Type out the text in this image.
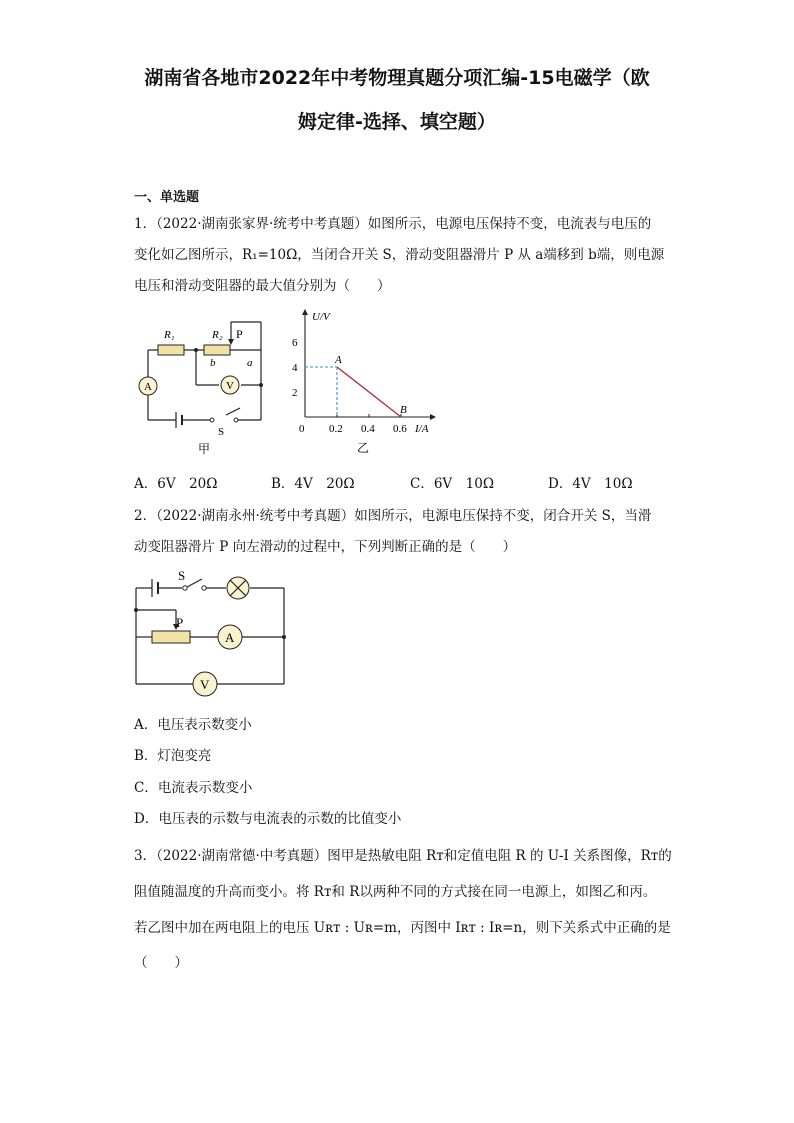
湖南省各地市2022年中考物理真题分项汇编-15电磁学（欧
姆定律-选择、填空题）
一、单选题
1．（2022·湖南张家界·统考中考真题）如图所示，电源电压保持不变，电流表与电压的
变化如乙图所示，R₁=10Ω，当闭合开关 S，滑动变阻器滑片 P 从 a端移到 b端，则电源
电压和滑动变阻器的最大值分别为（　　）
A	V
R₁	R₂ P
b	a
S
甲
2
4
6
0.2 0.4 0.6
A
B
U/V
I/A
0
乙
A．6V　20Ω	B．4V　20Ω	C．6V　10Ω	D．4V　10Ω
2．（2022·湖南永州·统考中考真题）如图所示，电源电压保持不变，闭合开关 S，当滑
动变阻器滑片 P 向左滑动的过程中，下列判断正确的是（　　）
A
V
S
P
A．电压表示数变小
B．灯泡变亮
C．电流表示数变小
D．电压表的示数与电流表的示数的比值变小
3．（2022·湖南常德·中考真题）图甲是热敏电阻 Rᴛ和定值电阻 R 的 U-I 关系图像，Rᴛ的
阻值随温度的升高而变小。将 Rᴛ和 R以两种不同的方式接在同一电源上，如图乙和丙。
若乙图中加在两电阻上的电压 Uʀᴛ : Uʀ=m，丙图中 Iʀᴛ : Iʀ=n，则下关系式中正确的是
（　　）
